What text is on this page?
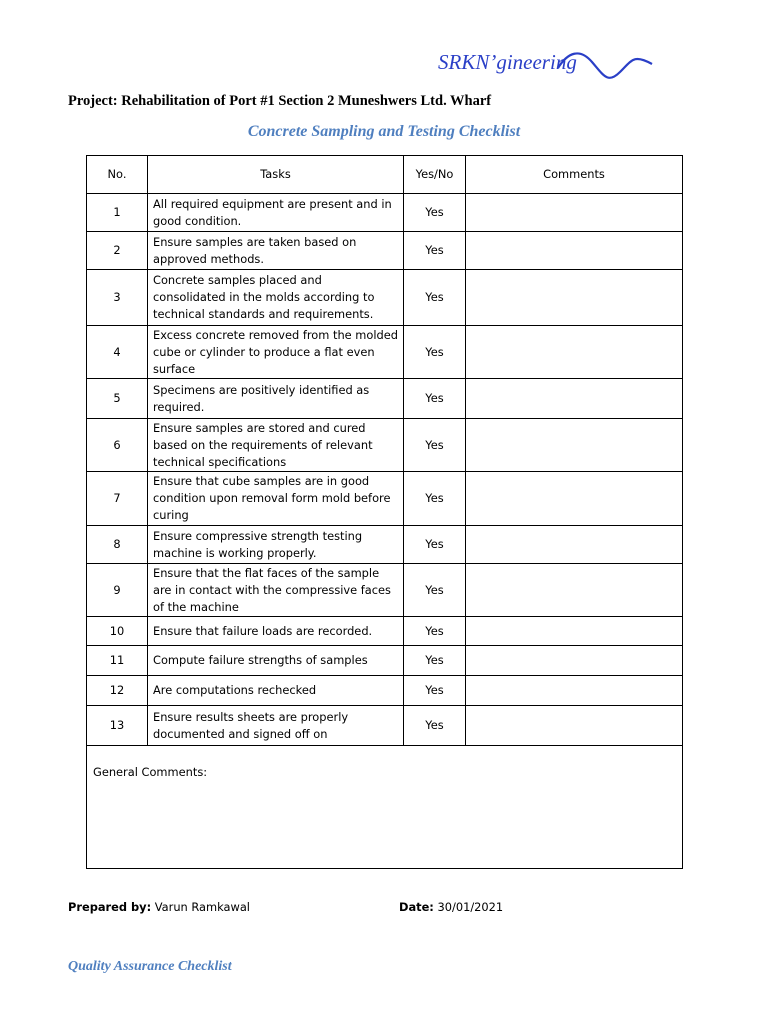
SRKN’gineering
Project: Rehabilitation of Port #1 Section 2 Muneshwers Ltd. Wharf
Concrete Sampling and Testing Checklist
No.	Tasks	Yes/No	Comments
1	All required equipment are present and in good condition.	Yes	
2	Ensure samples are taken based on approved methods.	Yes	
3	Concrete samples placed and consolidated in the molds according to technical standards and requirements.	Yes	
4	Excess concrete removed from the molded cube or cylinder to produce a flat even surface	Yes	
5	Specimens are positively identified as required.	Yes	
6	Ensure samples are stored and cured based on the requirements of relevant technical specifications	Yes	
7	Ensure that cube samples are in good condition upon removal form mold before curing	Yes	
8	Ensure compressive strength testing machine is working properly.	Yes	
9	Ensure that the flat faces of the sample are in contact with the compressive faces of the machine	Yes	
10	Ensure that failure loads are recorded.	Yes	
11	Compute failure strengths of samples	Yes	
12	Are computations rechecked	Yes	
13	Ensure results sheets are properly documented and signed off on	Yes	
General Comments:			
Prepared by: Varun Ramkawal	Date: 30/01/2021
Quality Assurance Checklist
